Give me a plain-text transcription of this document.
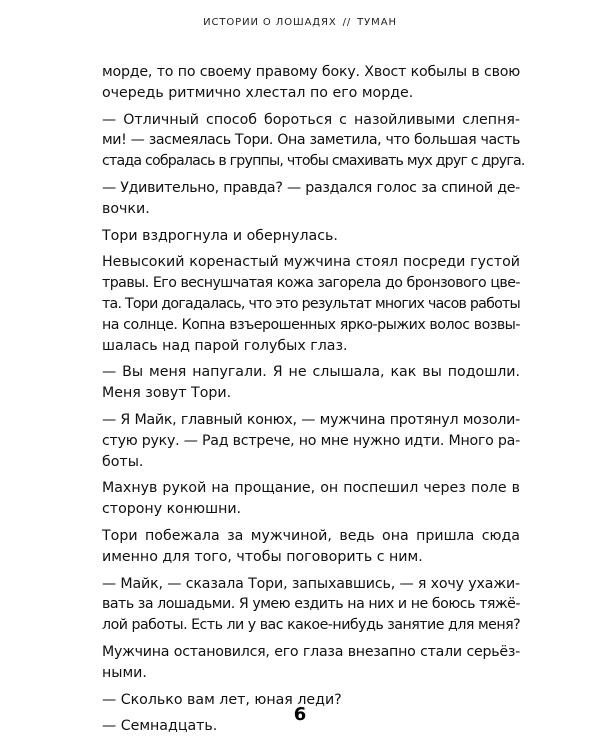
ИСТОРИИ О ЛОШАДЯХ // ТУМАН
морде, то по своему правому боку. Хвост кобылы в свою
очередь ритмично хлестал по его морде.
— Отличный способ бороться с назойливыми слепня-
ми! — засмеялась Тори. Она заметила, что большая часть
стада собралась в группы, чтобы смахивать мух друг с друга.
— Удивительно, правда? — раздался голос за спиной де-
вочки.
Тори вздрогнула и обернулась.
Невысокий коренастый мужчина стоял посреди густой
травы. Его веснушчатая кожа загорела до бронзового цве-
та. Тори догадалась, что это результат многих часов работы
на солнце. Копна взъерошенных ярко-рыжих волос возвы-
шалась над парой голубых глаз.
— Вы меня напугали. Я не слышала, как вы подошли.
Меня зовут Тори.
— Я Майк, главный конюх, — мужчина протянул мозоли-
стую руку. — Рад встрече, но мне нужно идти. Много ра-
боты.
Махнув рукой на прощание, он поспешил через поле в
сторону конюшни.
Тори побежала за мужчиной, ведь она пришла сюда
именно для того, чтобы поговорить с ним.
— Майк, — сказала Тори, запыхавшись, — я хочу ухажи-
вать за лошадьми. Я умею ездить на них и не боюсь тяжё-
лой работы. Есть ли у вас какое-нибудь занятие для меня?
Мужчина остановился, его глаза внезапно стали серьёз-
ными.
— Сколько вам лет, юная леди?
— Семнадцать.
6
